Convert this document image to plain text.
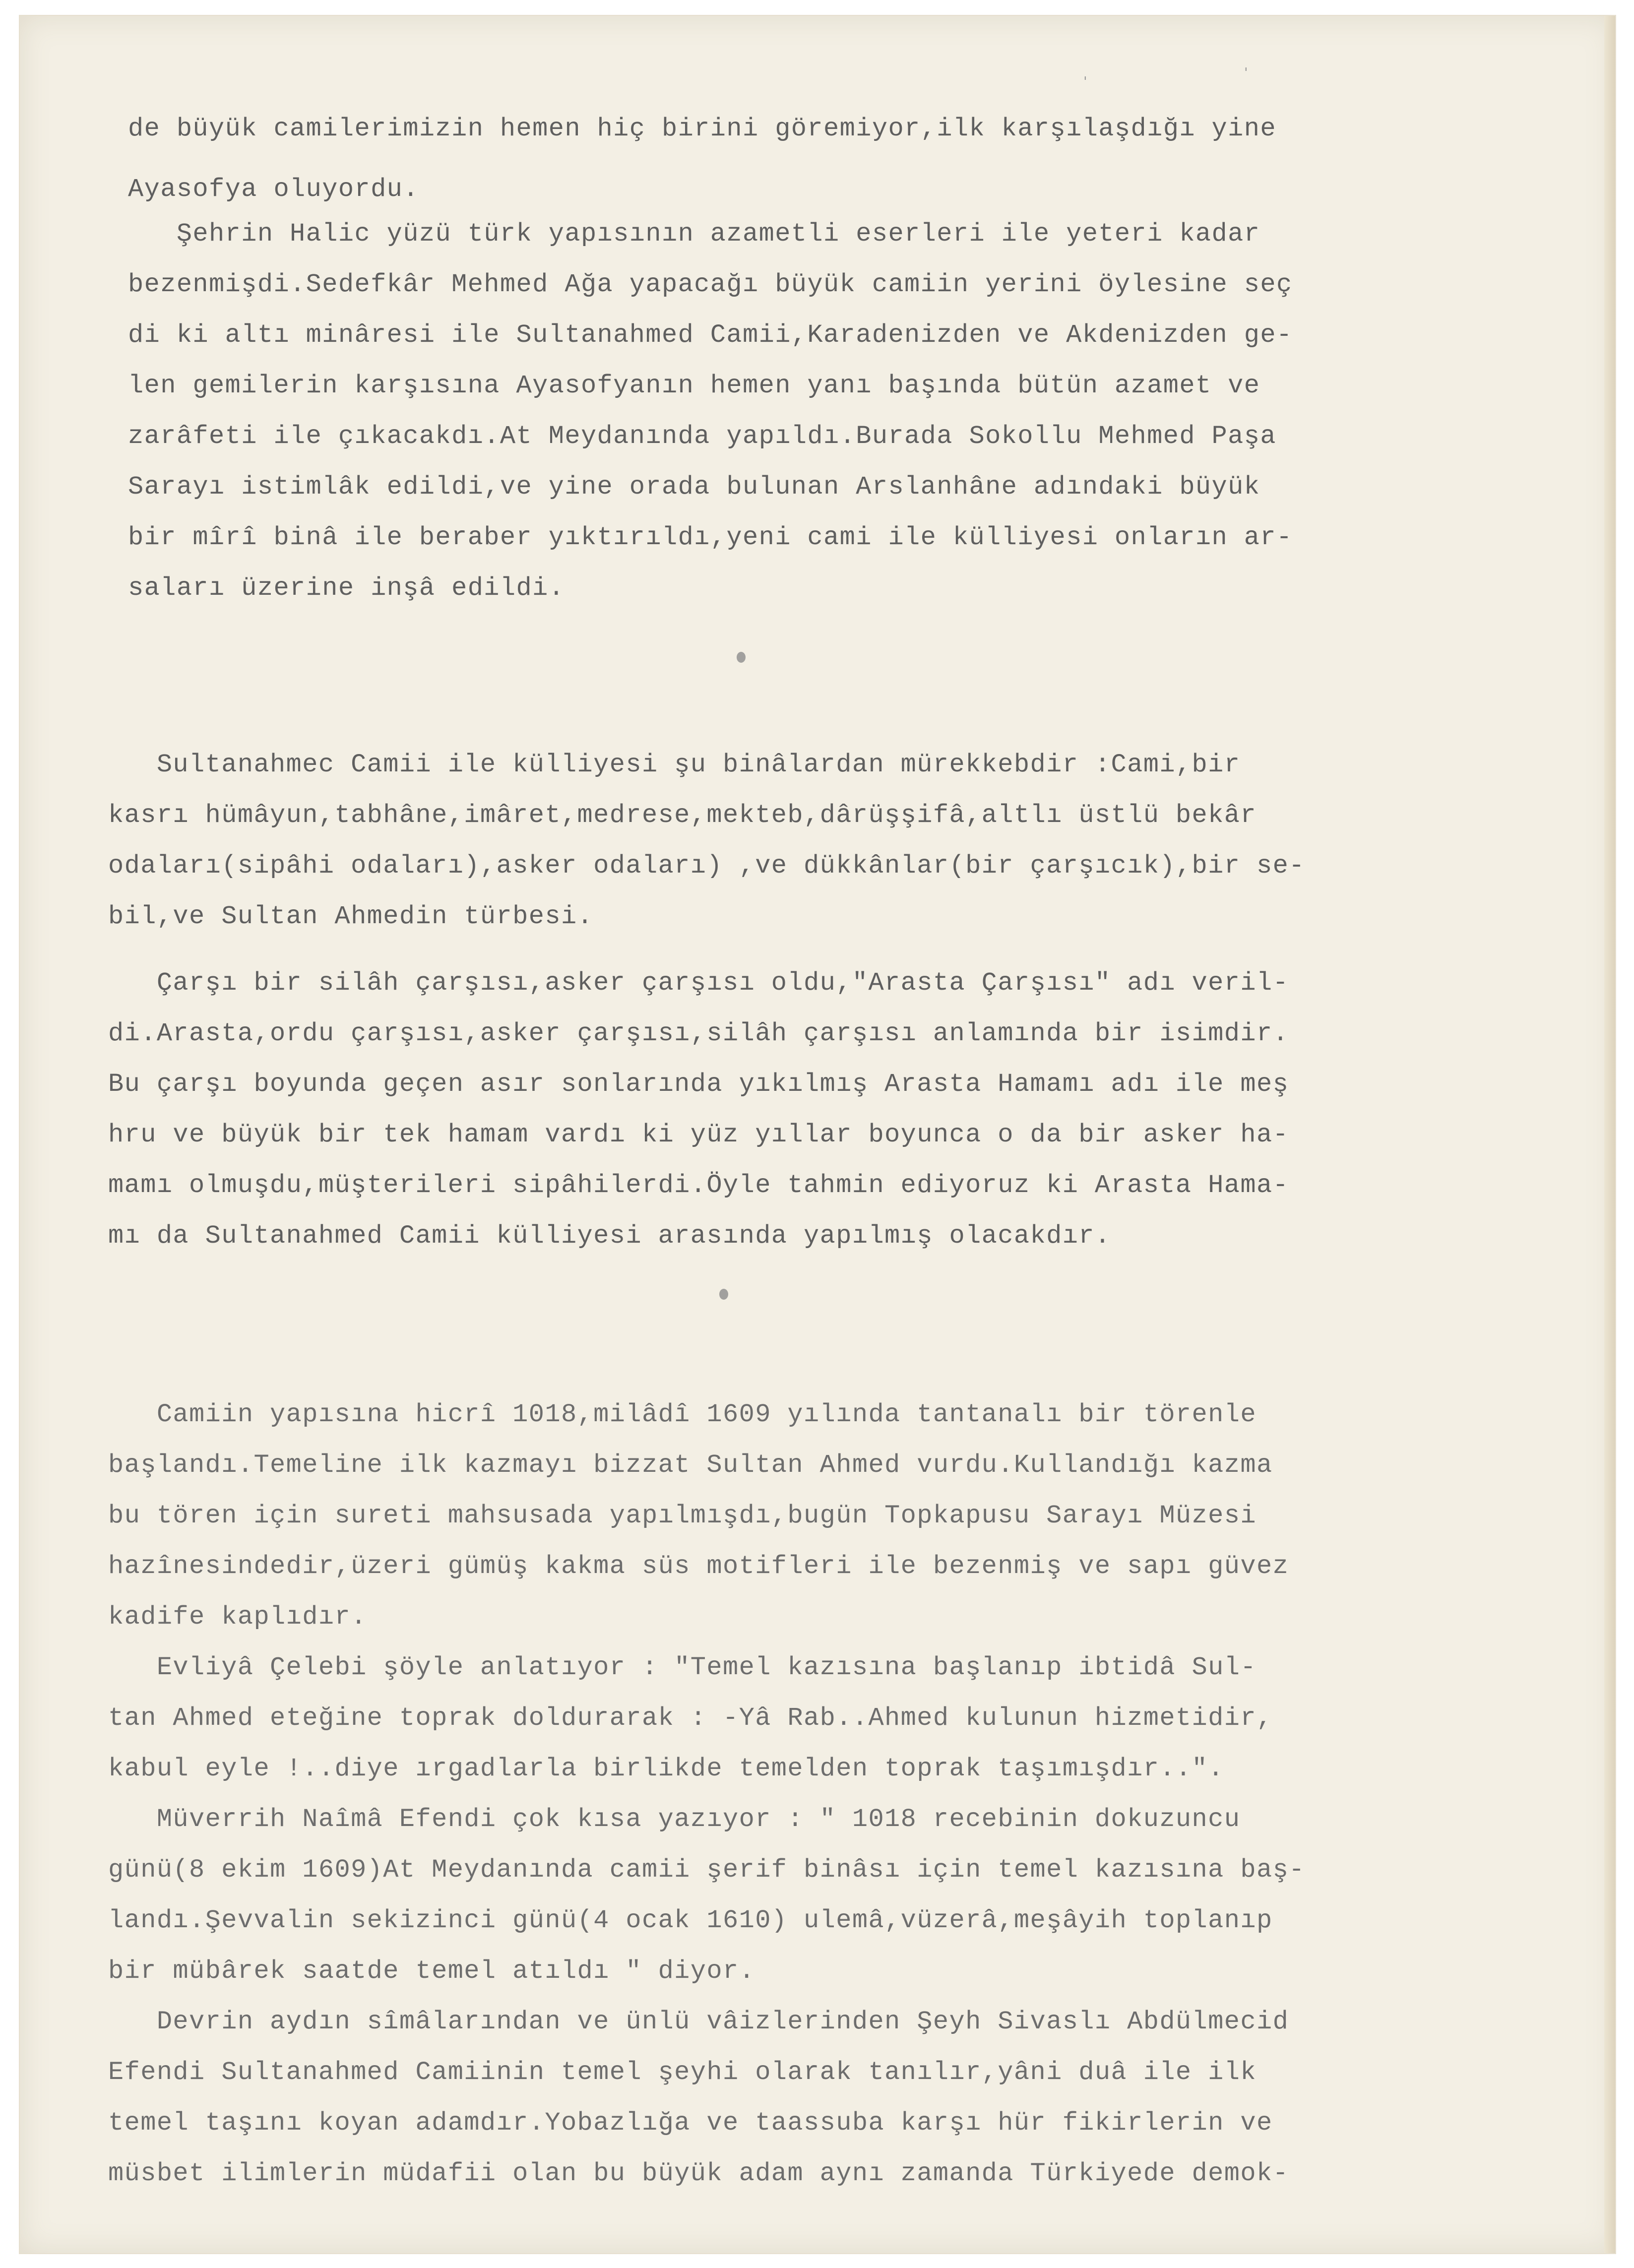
'
'

de büyük camilerimizin hemen hiç birini göremiyor,ilk karşılaşdığı yine

Ayasofya oluyordu.

Şehrin Halic yüzü türk yapısının azametli eserleri ile yeteri kadar

bezenmişdi.Sedefkâr Mehmed Ağa yapacağı büyük camiin yerini öylesine seç

di ki altı minâresi ile Sultanahmed Camii,Karadenizden ve Akdenizden ge-

len gemilerin karşısına Ayasofyanın hemen yanı başında bütün azamet ve

zarâfeti ile çıkacakdı.At Meydanında yapıldı.Burada Sokollu Mehmed Paşa

Sarayı istimlâk edildi,ve yine orada bulunan Arslanhâne adındaki büyük

bir mîrî binâ ile beraber yıktırıldı,yeni cami ile külliyesi onların ar-

saları üzerine inşâ edildi.

Sultanahmec Camii ile külliyesi şu binâlardan mürekkebdir :Cami,bir

kasrı hümâyun,tabhâne,imâret,medrese,mekteb,dârüşşifâ,altlı üstlü bekâr

odaları(sipâhi odaları),asker odaları) ,ve dükkânlar(bir çarşıcık),bir se-

bil,ve Sultan Ahmedin türbesi.

Çarşı bir silâh çarşısı,asker çarşısı oldu,"Arasta Çarşısı" adı veril-

di.Arasta,ordu çarşısı,asker çarşısı,silâh çarşısı anlamında bir isimdir.

Bu çarşı boyunda geçen asır sonlarında yıkılmış Arasta Hamamı adı ile meş

hru ve büyük bir tek hamam vardı ki yüz yıllar boyunca o da bir asker ha-

mamı olmuşdu,müşterileri sipâhilerdi.Öyle tahmin ediyoruz ki Arasta Hama-

mı da Sultanahmed Camii külliyesi arasında yapılmış olacakdır.

Camiin yapısına hicrî 1018,milâdî 1609 yılında tantanalı bir törenle

başlandı.Temeline ilk kazmayı bizzat Sultan Ahmed vurdu.Kullandığı kazma

bu tören için sureti mahsusada yapılmışdı,bugün Topkapusu Sarayı Müzesi

hazînesindedir,üzeri gümüş kakma süs motifleri ile bezenmiş ve sapı güvez

kadife kaplıdır.

Evliyâ Çelebi şöyle anlatıyor : "Temel kazısına başlanıp ibtidâ Sul-

tan Ahmed eteğine toprak doldurarak : -Yâ Rab..Ahmed kulunun hizmetidir,

kabul eyle !..diye ırgadlarla birlikde temelden toprak taşımışdır..".

Müverrih Naîmâ Efendi çok kısa yazıyor : " 1018 recebinin dokuzuncu

günü(8 ekim 1609)At Meydanında camii şerif binâsı için temel kazısına baş-

landı.Şevvalin sekizinci günü(4 ocak 1610) ulemâ,vüzerâ,meşâyih toplanıp

bir mübârek saatde temel atıldı " diyor.

Devrin aydın sîmâlarından ve ünlü vâizlerinden Şeyh Sivaslı Abdülmecid

Efendi Sultanahmed Camiinin temel şeyhi olarak tanılır,yâni duâ ile ilk

temel taşını koyan adamdır.Yobazlığa ve taassuba karşı hür fikirlerin ve

müsbet ilimlerin müdafii olan bu büyük adam aynı zamanda Türkiyede demok-
